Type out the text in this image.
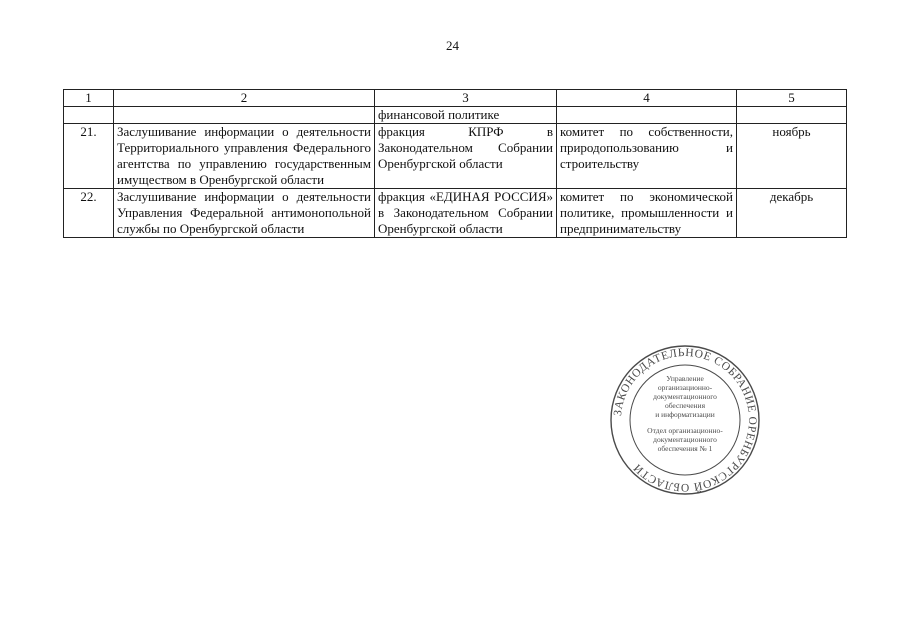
24
1	2	3	4	5
		финансовой политике		
21.	Заслушивание информации о деятельности Территориального управления Федерального агентства по управлению государственным имуществом в Оренбургской области	фракция КПРФ в Законодательном Собрании Оренбургской области	комитет по собственности, природопользованию и строительству	ноябрь
22.	Заслушивание информации о деятельности Управления Федеральной антимонопольной службы по Оренбургской области	фракция «ЕДИНАЯ РОССИЯ» в Законодательном Собрании Оренбургской области	комитет по экономической политике, промышленности и предпринимательству	декабрь
ЗАКОНОДАТЕЛЬНОЕ СОБРАНИЕ ОРЕНБУРГСКОЙ ОБЛАСТИ
Управление
организационно-
документационного
обеспечения
и информатизации
Отдел организационно-
документационного
обеспечения № 1
